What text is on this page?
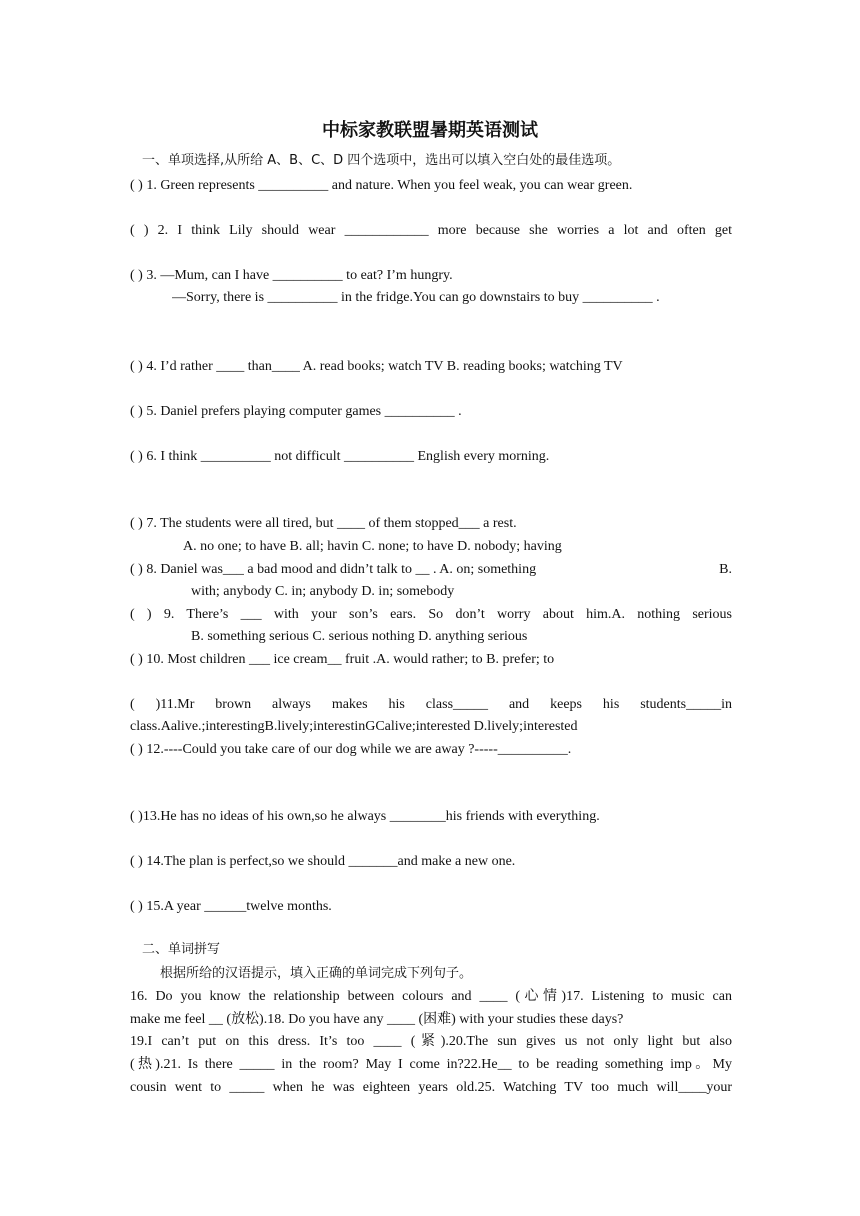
中标家教联盟暑期英语测试
一、单项选择,从所给 A、B、C、D 四个选项中，选出可以填入空白处的最佳选项。
( ) 1. Green represents __________ and nature. When you feel weak, you can wear green.
( ) 2. I think Lily should wear ____________ more because she worries a lot and often get
( ) 3. —Mum, can I have __________ to eat? I’m hungry.
—Sorry, there is __________ in the fridge.You can go downstairs to buy __________ .
( ) 4. I’d rather ____ than____ A. read books; watch TV B. reading books; watching TV
( ) 5. Daniel prefers playing computer games __________ .
( ) 6. I think __________ not difficult __________ English every morning.
( ) 7. The students were all tired, but ____ of them stopped___ a rest.
A. no one; to have B. all; havin C. none; to have D. nobody; having
( ) 8. Daniel was___ a bad mood and didn’t talk to __ . A. on; something	B.
with; anybody C. in; anybody D. in; somebody
( ) 9. There’s ___ with your son’s ears. So don’t worry about him.A. nothing serious
B. something serious C. serious nothing D. anything serious
( ) 10. Most children ___ ice cream__ fruit .A. would rather; to B. prefer; to
( )11.Mr brown always makes his class_____ and keeps his students_____in
class.Aalive.;interestingB.lively;interestinGCalive;interested D.lively;interested
( ) 12.----Could you take care of our dog while we are away ?-----__________.
( )13.He has no ideas of his own,so he always ________his friends with everything.
( ) 14.The plan is perfect,so we should _______and make a new one.
( ) 15.A year ______twelve months.
二、单词拼写
根据所给的汉语提示，填入正确的单词完成下列句子。
16. Do you know the relationship between colours and ____ (心情)17. Listening to music can
make me feel __ (放松).18. Do you have any ____ (困难) with your studies these days?
19.I can’t put on this dress. It’s too ____ (紧).20.The sun gives us not only light but also
(热).21. Is there _____ in the room? May I come in?22.He__ to be reading something imp。My
cousin went to _____ when he was eighteen years old.25. Watching TV too much will____your
